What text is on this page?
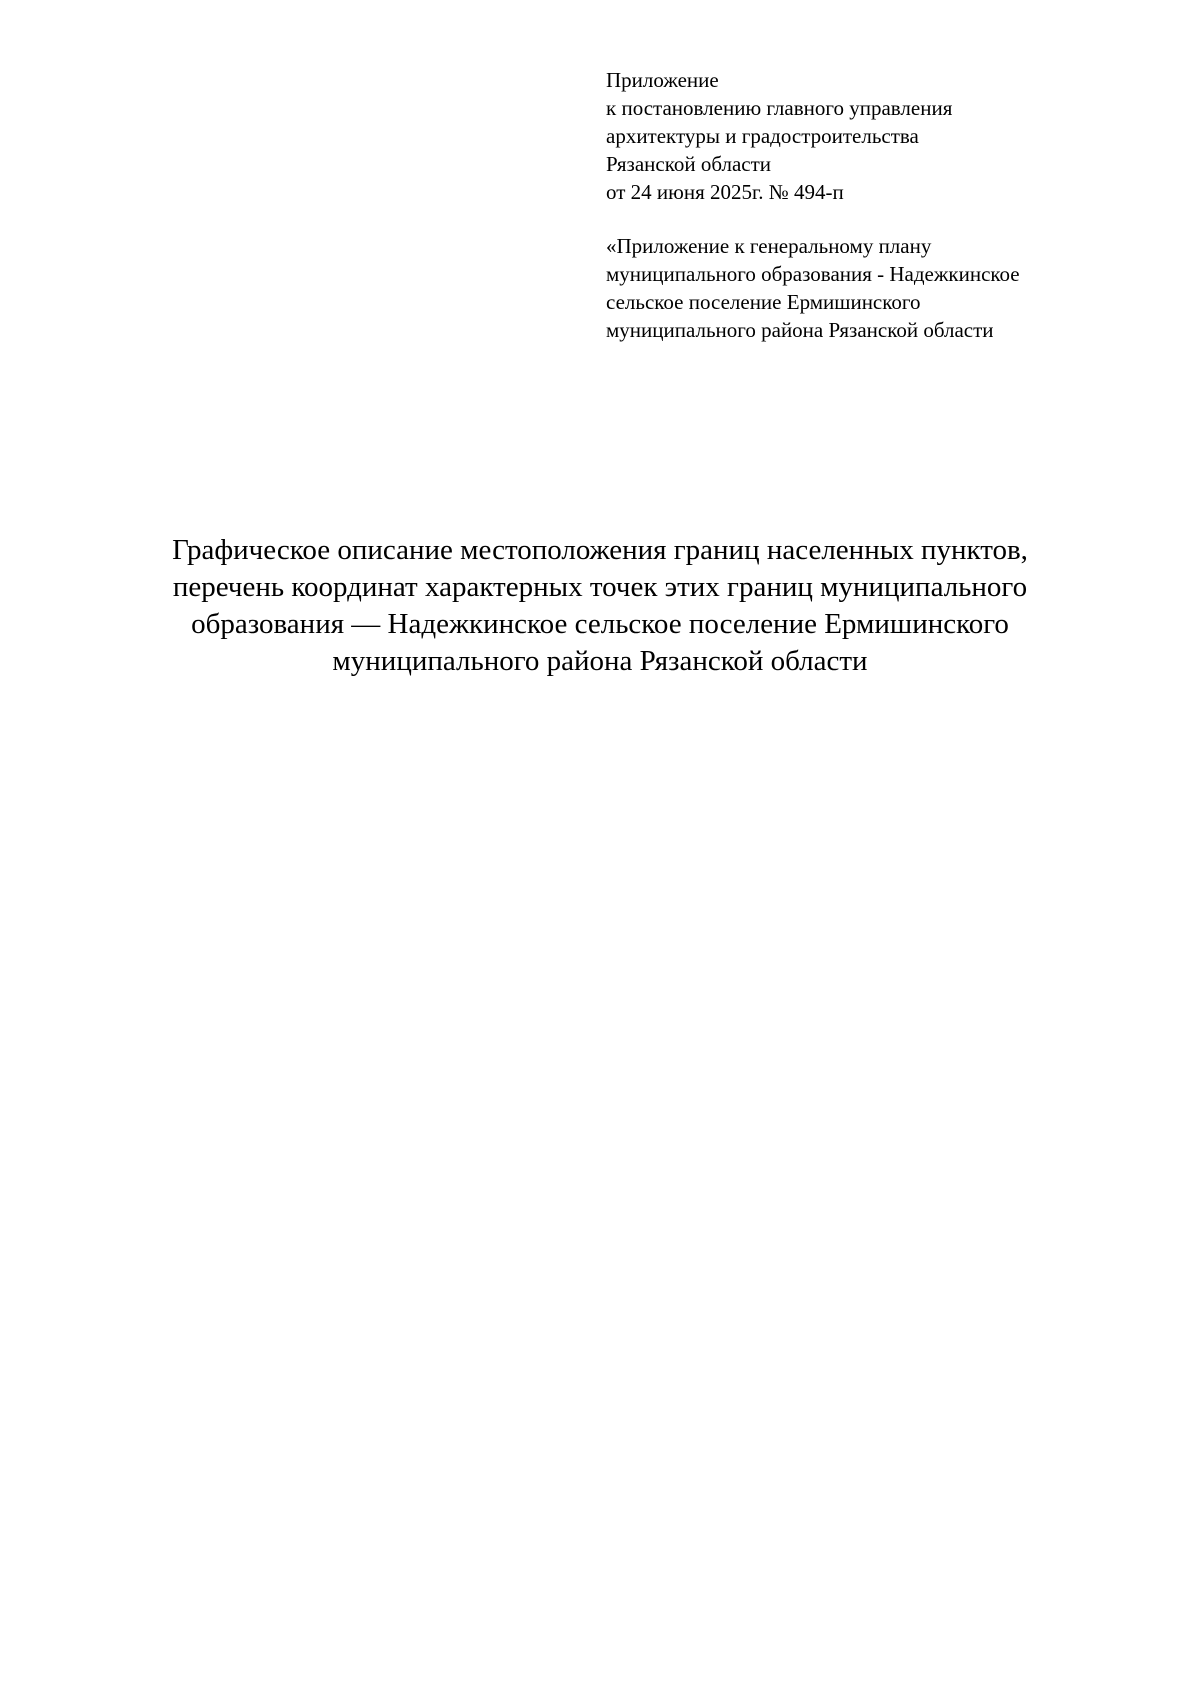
Приложение

к постановлению главного управления

архитектуры и градостроительства

Рязанской области

от 24 июня 2025г. № 494-п

«Приложение к генеральному плану

муниципального образования - Надежкинское

сельское поселение Ермишинского

муниципального района Рязанской области

Графическое описание местоположения границ населенных пунктов,
перечень координат характерных точек этих границ муниципального
образования — Надежкинское сельское поселение Ермишинского
муниципального района Рязанской области
